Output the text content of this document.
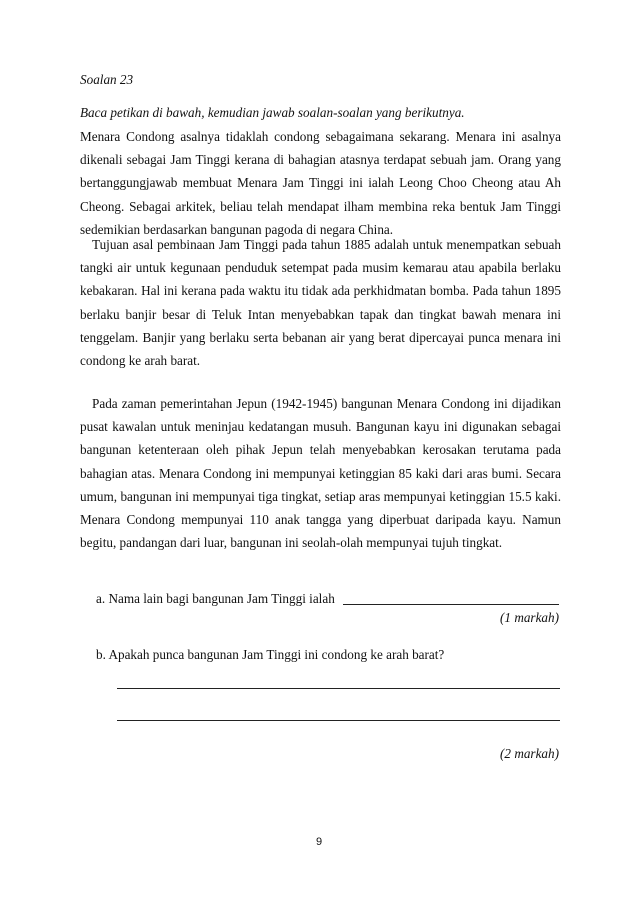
Soalan 23
Baca petikan di bawah, kemudian jawab soalan-soalan yang berikutnya.

Menara Condong asalnya tidaklah condong sebagaimana sekarang. Menara ini asalnya dikenali sebagai Jam Tinggi kerana di bahagian atasnya terdapat sebuah jam. Orang yang bertanggungjawab membuat Menara Jam Tinggi ini ialah Leong Choo Cheong atau Ah Cheong. Sebagai arkitek, beliau telah mendapat ilham membina reka bentuk Jam Tinggi sedemikian berdasarkan bangunan pagoda di negara China.

Tujuan asal pembinaan Jam Tinggi pada tahun 1885 adalah untuk menempatkan sebuah tangki air untuk kegunaan penduduk setempat pada musim kemarau atau apabila berlaku kebakaran. Hal ini kerana pada waktu itu tidak ada perkhidmatan bomba. Pada tahun 1895 berlaku banjir besar di Teluk Intan menyebabkan tapak dan tingkat bawah menara ini tenggelam. Banjir yang berlaku serta bebanan air yang berat dipercayai punca menara ini condong ke arah barat.

Pada zaman pemerintahan Jepun (1942-1945) bangunan Menara Condong ini dijadikan pusat kawalan untuk meninjau kedatangan musuh. Bangunan kayu ini digunakan sebagai bangunan ketenteraan oleh pihak Jepun telah menyebabkan kerosakan terutama pada bahagian atas. Menara Condong ini mempunyai ketinggian 85 kaki dari aras bumi. Secara umum, bangunan ini mempunyai tiga tingkat, setiap aras mempunyai ketinggian 15.5 kaki. Menara Condong mempunyai 110 anak tangga yang diperbuat daripada kayu. Namun begitu, pandangan dari luar, bangunan ini seolah-olah mempunyai tujuh tingkat.

a. Nama lain bagi bangunan Jam Tinggi ialah
(1 markah)
b. Apakah punca bangunan Jam Tinggi ini condong ke arah barat?
(2 markah)
9
